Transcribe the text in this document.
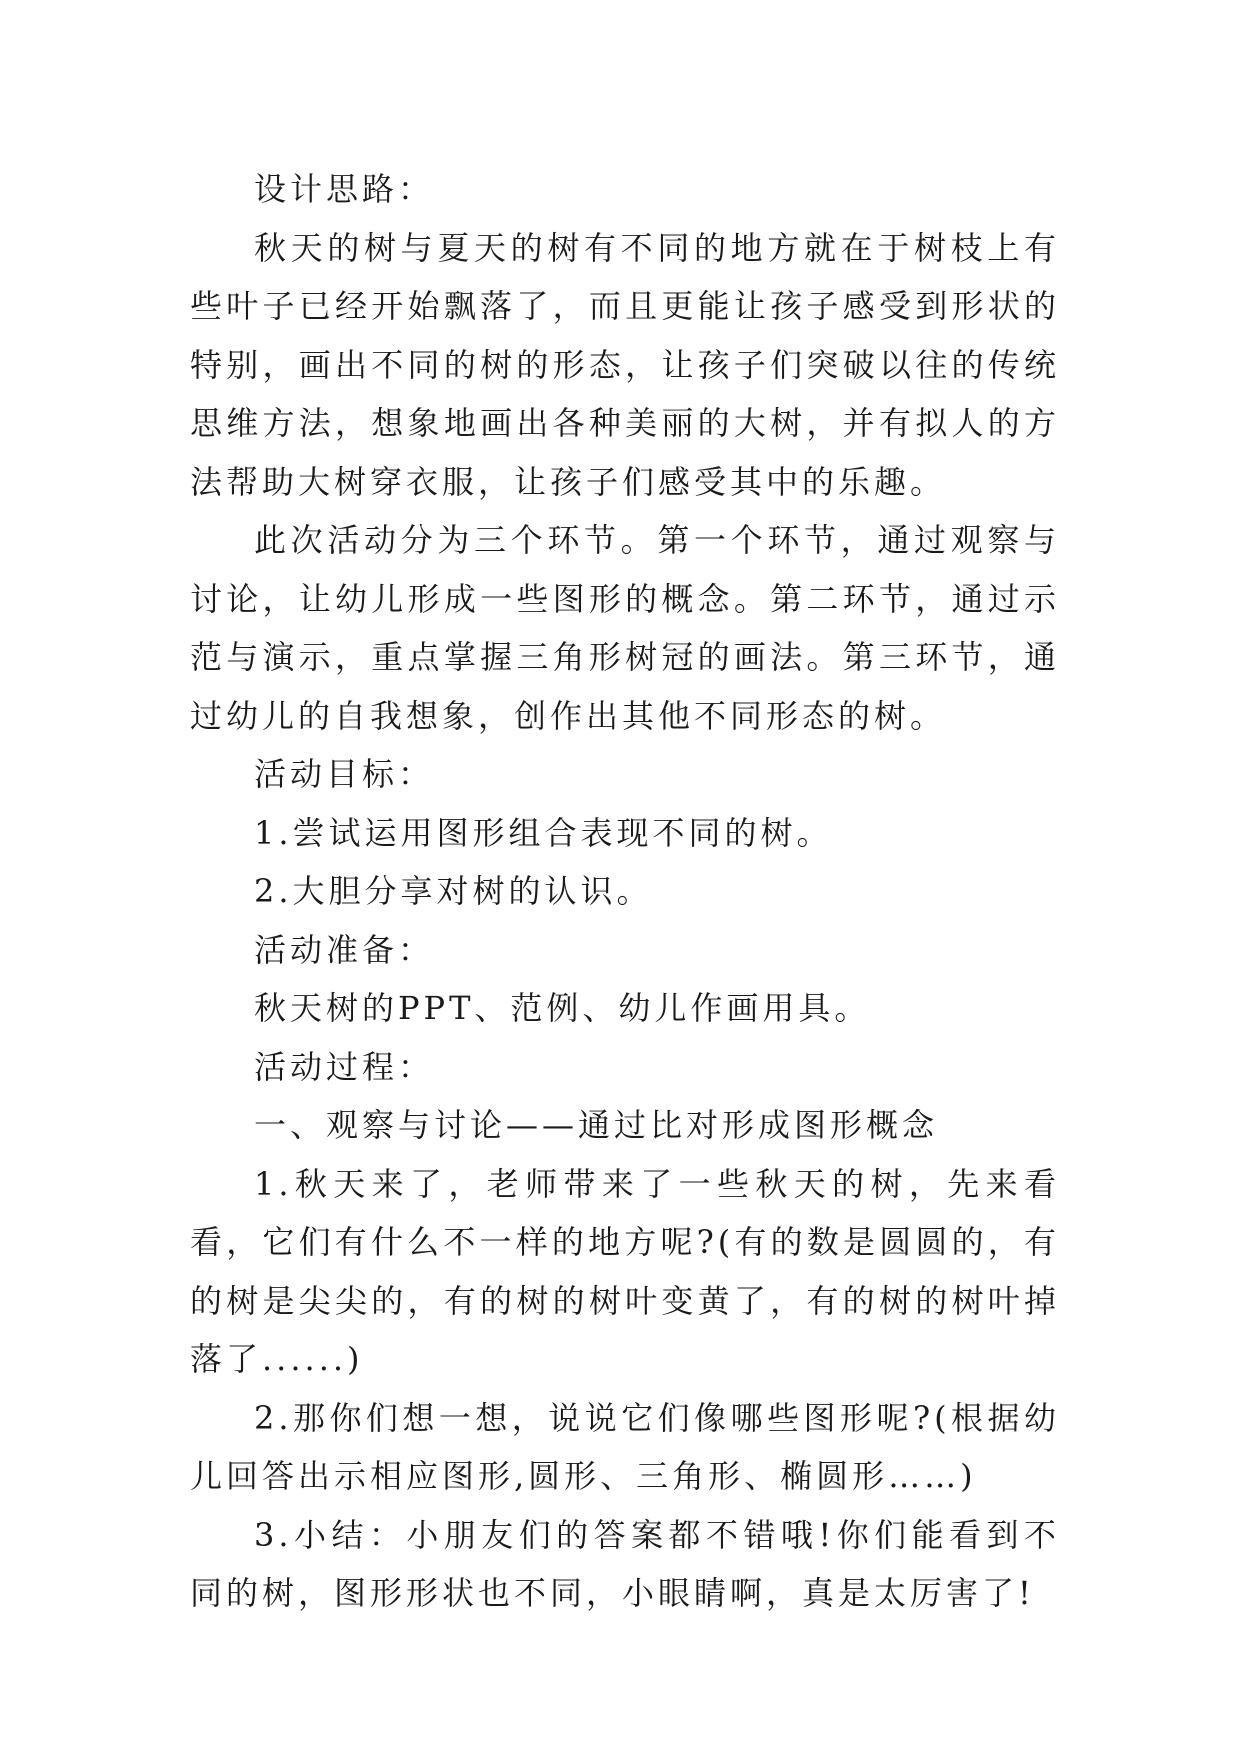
设计思路：

秋天的树与夏天的树有不同的地方就在于树枝上有些叶子已经开始飘落了，而且更能让孩子感受到形状的特别，画出不同的树的形态，让孩子们突破以往的传统思维方法，想象地画出各种美丽的大树，并有拟人的方法帮助大树穿衣服，让孩子们感受其中的乐趣。

此次活动分为三个环节。第一个环节，通过观察与讨论，让幼儿形成一些图形的概念。第二环节，通过示范与演示，重点掌握三角形树冠的画法。第三环节，通过幼儿的自我想象，创作出其他不同形态的树。

活动目标：

1.尝试运用图形组合表现不同的树。

2.大胆分享对树的认识。

活动准备：

秋天树的PPT、范例、幼儿作画用具。

活动过程：

一、观察与讨论——通过比对形成图形概念

1.秋天来了，老师带来了一些秋天的树，先来看看，它们有什么不一样的地方呢?(有的数是圆圆的，有的树是尖尖的，有的树的树叶变黄了，有的树的树叶掉落了......)

2.那你们想一想，说说它们像哪些图形呢?(根据幼儿回答出示相应图形,圆形、三角形、椭圆形……)

3.小结：小朋友们的答案都不错哦!你们能看到不同的树，图形形状也不同，小眼睛啊，真是太厉害了!
